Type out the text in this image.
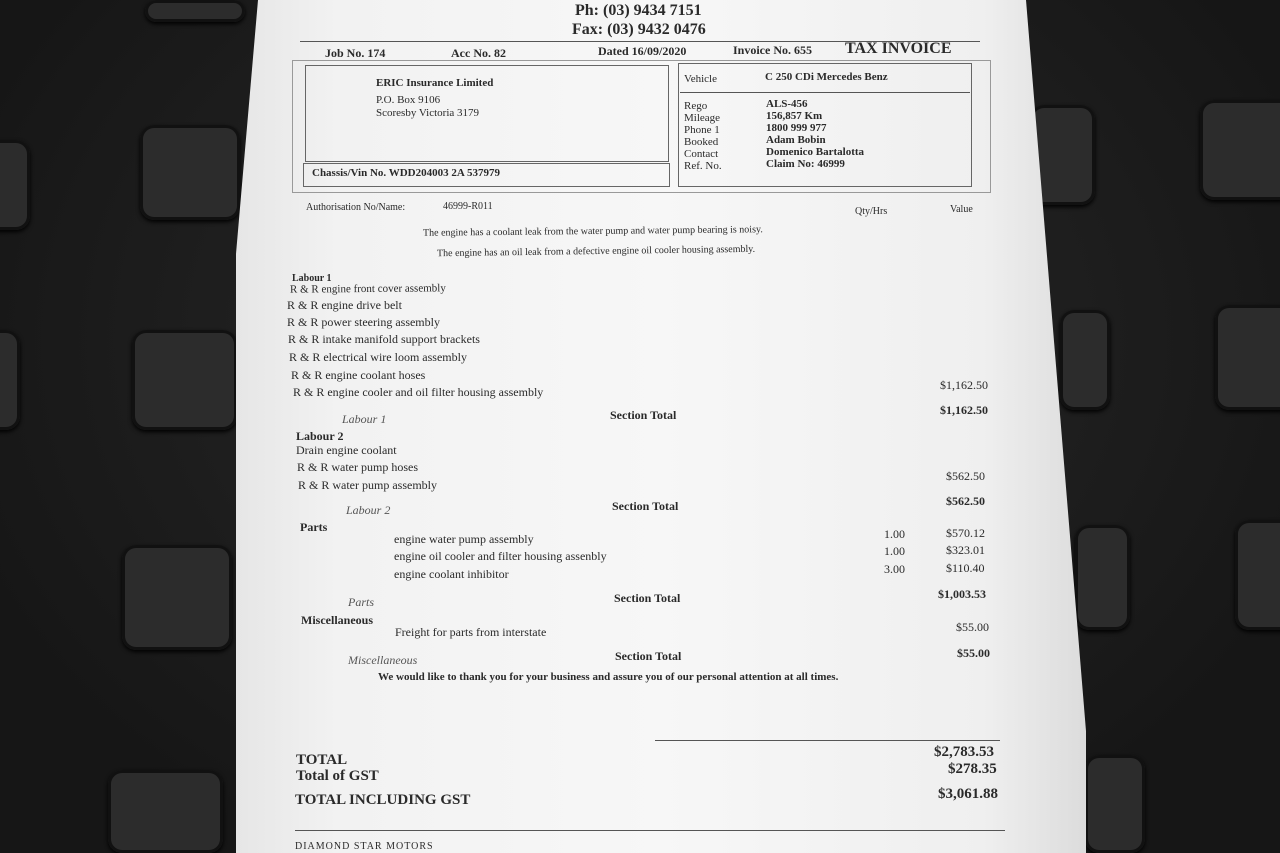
Ph: (03) 9434 7151
Fax: (03) 9432 0476
Job No. 174	Acc No. 82	Dated 16/09/2020	Invoice No. 655 TAX INVOICE
ERIC Insurance Limited
P.O. Box 9106
Scoresby Victoria 3179
Chassis/Vin No. WDD204003 2A 537979
Vehicle	C 250 CDi Mercedes Benz
Rego	ALS-456
Mileage	156,857 Km
Phone 1	1800 999 977
Booked	Adam Bobin
Contact	Domenico Bartalotta
Ref. No.	Claim No: 46999
Authorisation No/Name:	46999-R011	Qty/Hrs	Value
The engine has a coolant leak from the water pump and water pump bearing is noisy.
The engine has an oil leak from a defective engine oil cooler housing assembly.
Labour 1
R & R engine front cover assembly
R & R engine drive belt
R & R power steering assembly
R & R intake manifold support brackets
R & R electrical wire loom assembly
R & R engine coolant hoses
R & R engine cooler and oil filter housing assembly	$1,162.50
Labour 1	Section Total	$1,162.50
Labour 2
Drain engine coolant
R & R water pump hoses
R & R water pump assembly
$562.50
Labour 2	Section Total	$562.50
Parts
engine water pump assembly	1.00	$570.12
engine oil cooler and filter housing assenbly	1.00	$323.01
engine coolant inhibitor	3.00	$110.40
Parts	Section Total	$1,003.53
Miscellaneous
Freight for parts from interstate	$55.00
Miscellaneous	Section Total	$55.00
We would like to thank you for your business and assure you of our personal attention at all times.
TOTAL	$2,783.53
Total of GST	$278.35
TOTAL INCLUDING GST	$3,061.88
DIAMOND STAR MOTORS
